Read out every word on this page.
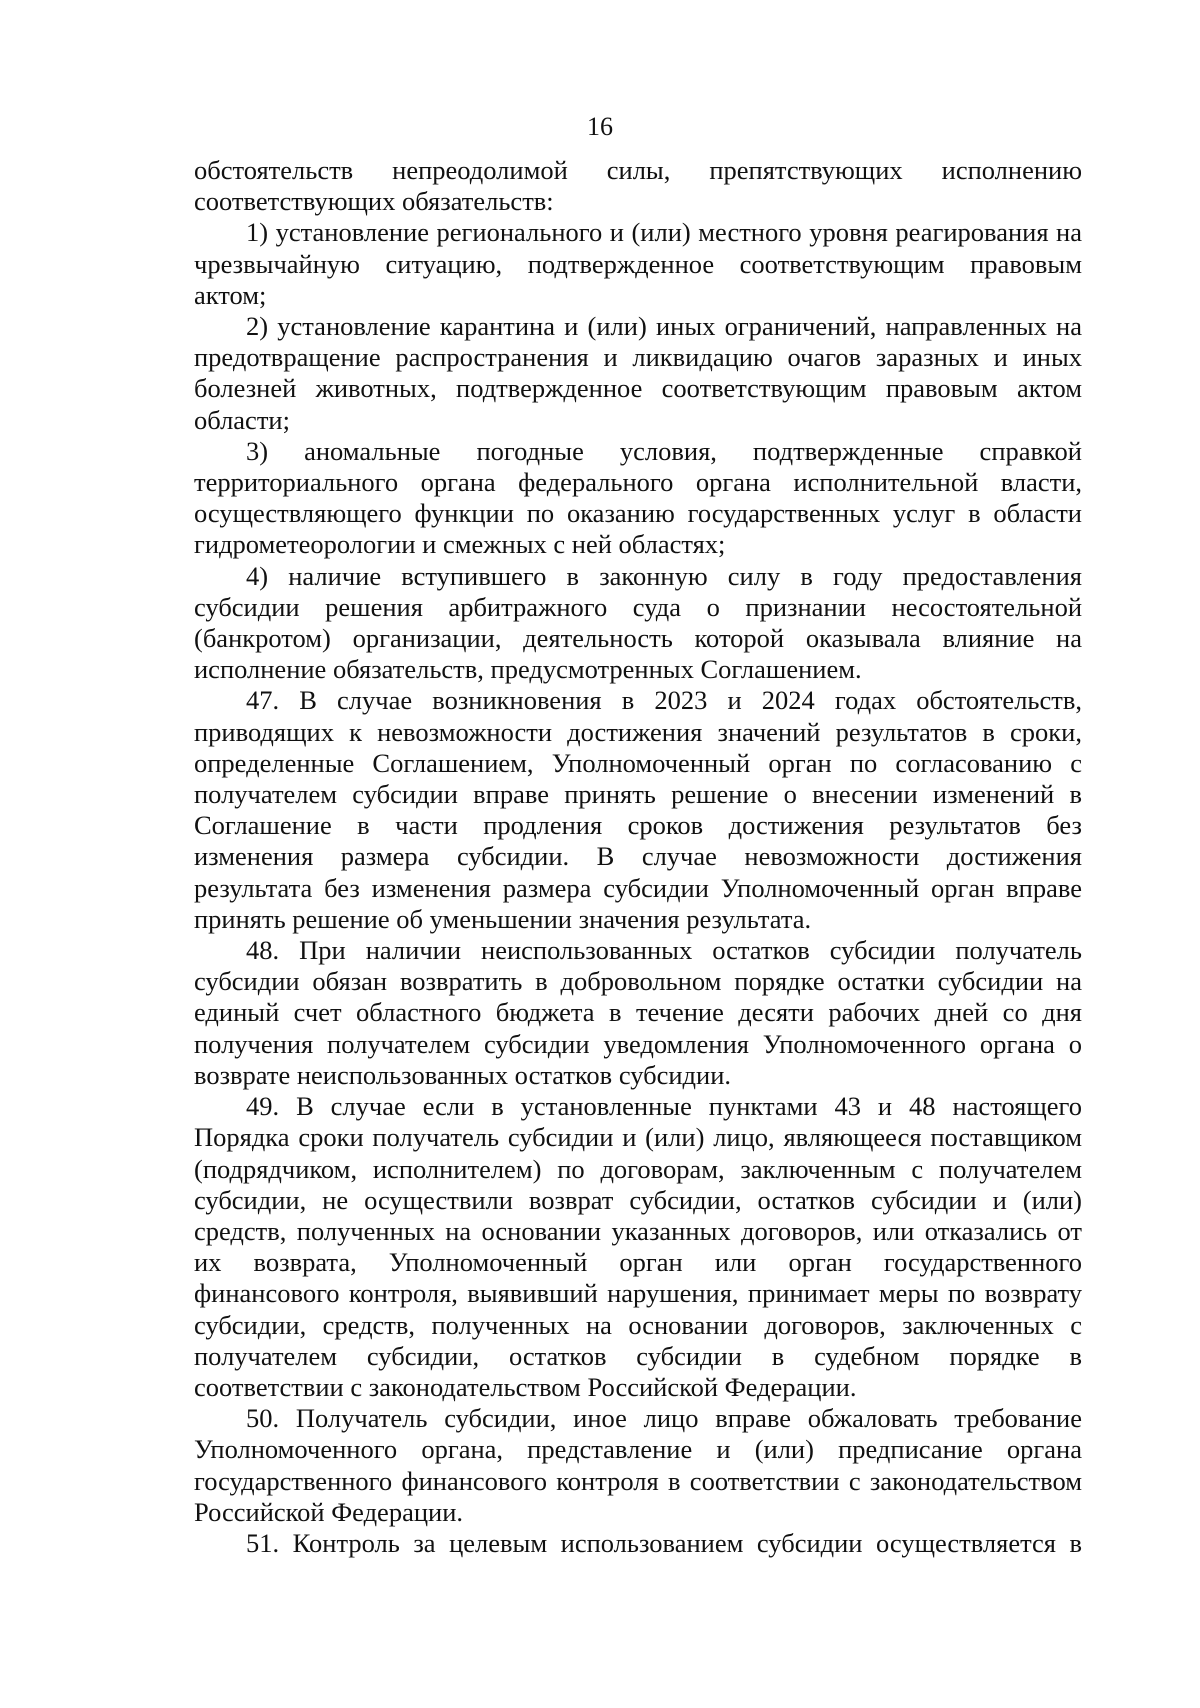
16
обстоятельств непреодолимой силы, препятствующих исполнению
соответствующих обязательств:
1) установление регионального и (или) местного уровня реагирования на
чрезвычайную ситуацию, подтвержденное соответствующим правовым
актом;
2) установление карантина и (или) иных ограничений, направленных на
предотвращение распространения и ликвидацию очагов заразных и иных
болезней животных, подтвержденное соответствующим правовым актом
области;
3) аномальные погодные условия, подтвержденные справкой
территориального органа федерального органа исполнительной власти,
осуществляющего функции по оказанию государственных услуг в области
гидрометеорологии и смежных с ней областях;
4) наличие вступившего в законную силу в году предоставления
субсидии решения арбитражного суда о признании несостоятельной
(банкротом) организации, деятельность которой оказывала влияние на
исполнение обязательств, предусмотренных Соглашением.
47. В случае возникновения в 2023 и 2024 годах обстоятельств,
приводящих к невозможности достижения значений результатов в сроки,
определенные Соглашением, Уполномоченный орган по согласованию с
получателем субсидии вправе принять решение о внесении изменений в
Соглашение в части продления сроков достижения результатов без
изменения размера субсидии. В случае невозможности достижения
результата без изменения размера субсидии Уполномоченный орган вправе
принять решение об уменьшении значения результата.
48. При наличии неиспользованных остатков субсидии получатель
субсидии обязан возвратить в добровольном порядке остатки субсидии на
единый счет областного бюджета в течение десяти рабочих дней со дня
получения получателем субсидии уведомления Уполномоченного органа о
возврате неиспользованных остатков субсидии.
49. В случае если в установленные пунктами 43 и 48 настоящего
Порядка сроки получатель субсидии и (или) лицо, являющееся поставщиком
(подрядчиком, исполнителем) по договорам, заключенным с получателем
субсидии, не осуществили возврат субсидии, остатков субсидии и (или)
средств, полученных на основании указанных договоров, или отказались от
их возврата, Уполномоченный орган или орган государственного
финансового контроля, выявивший нарушения, принимает меры по возврату
субсидии, средств, полученных на основании договоров, заключенных с
получателем субсидии, остатков субсидии в судебном порядке в
соответствии с законодательством Российской Федерации.
50. Получатель субсидии, иное лицо вправе обжаловать требование
Уполномоченного органа, представление и (или) предписание органа
государственного финансового контроля в соответствии с законодательством
Российской Федерации.
51. Контроль за целевым использованием субсидии осуществляется в
